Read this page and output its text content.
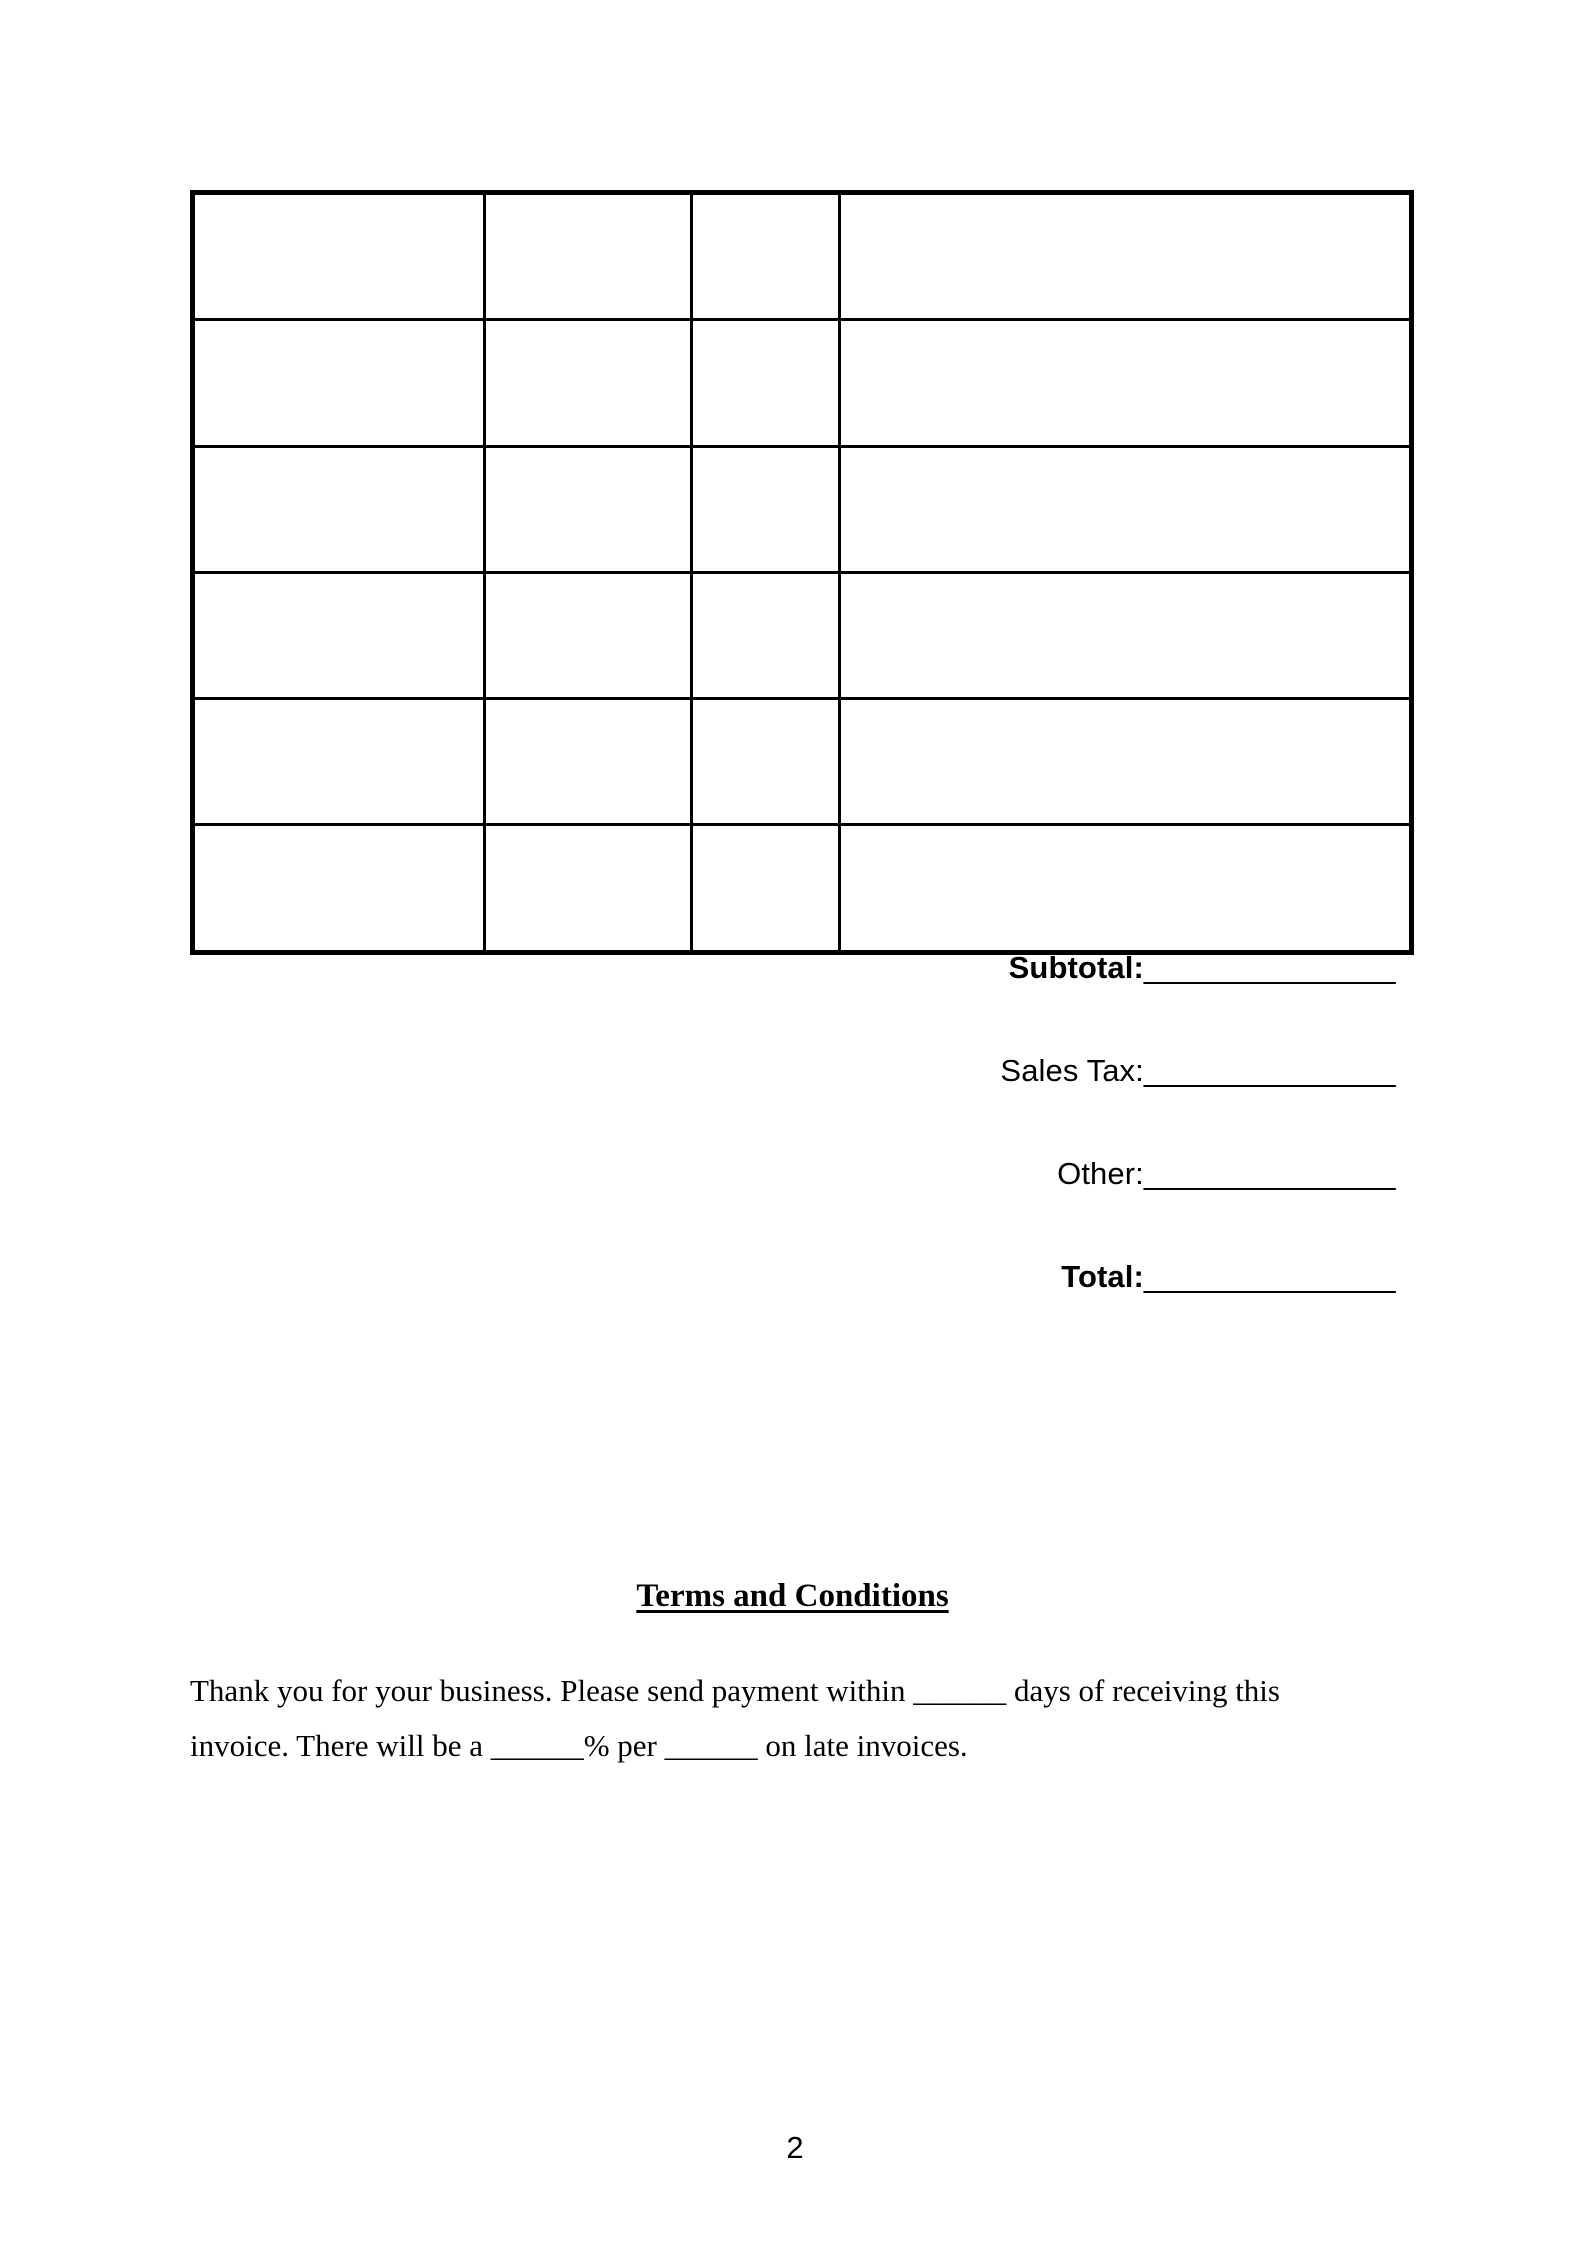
Subtotal: _______________
Sales Tax: _______________
Other: _______________
Total: _______________
Terms and Conditions
Thank you for your business. Please send payment within ______ days of receiving this invoice. There will be a ______% per ______ on late invoices.
2
